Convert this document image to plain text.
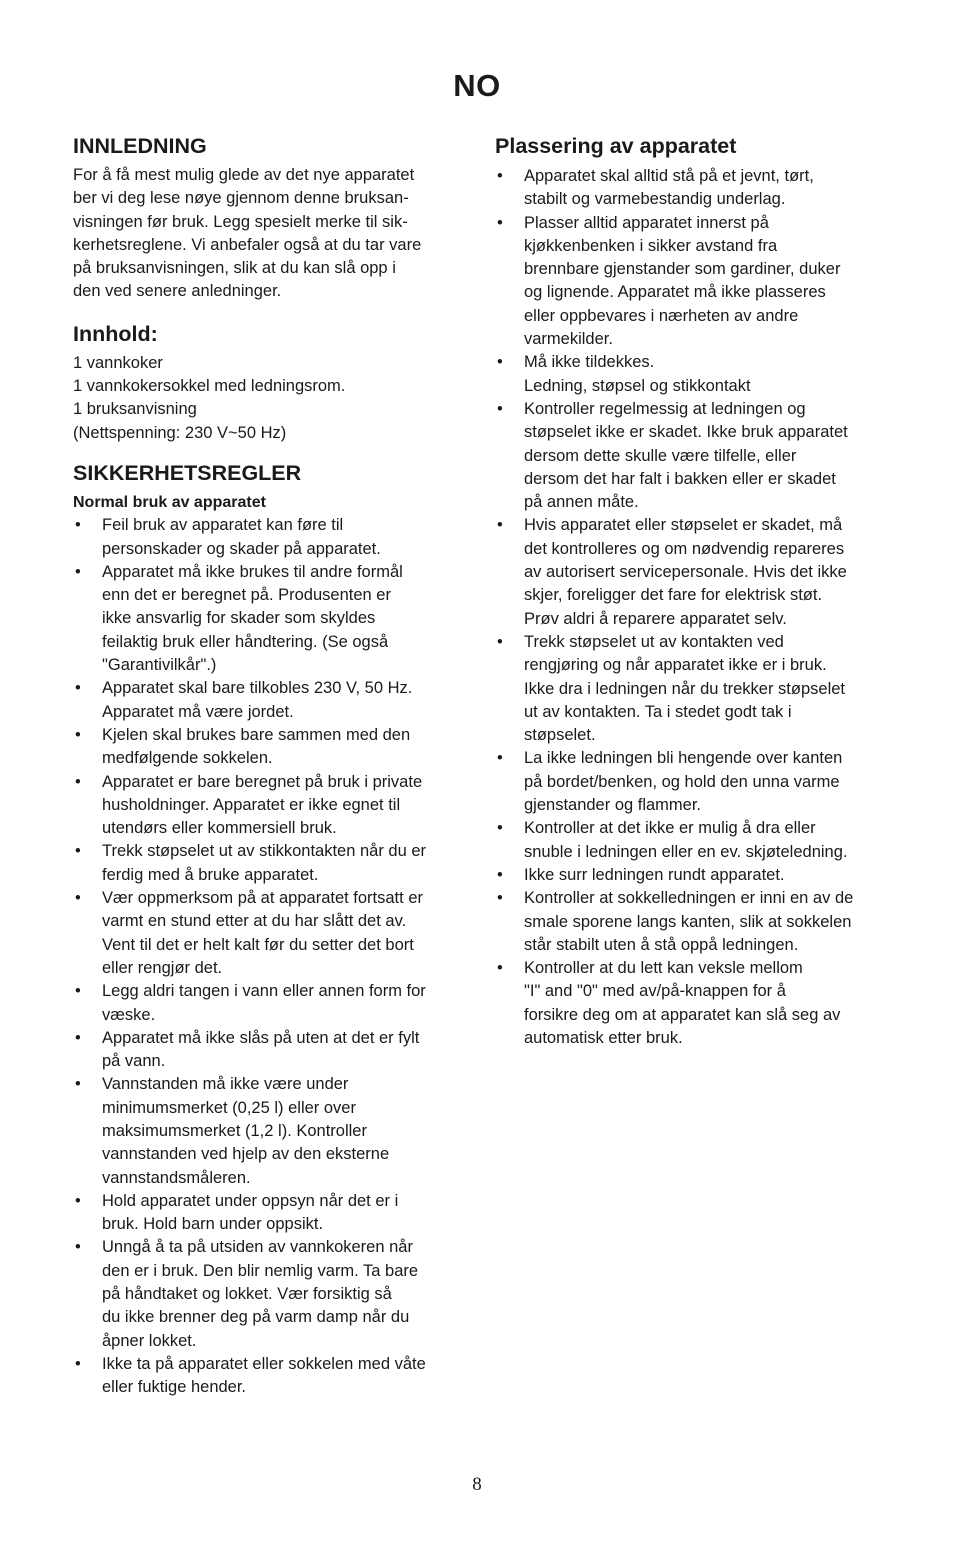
NO
INNLEDNING
For å få mest mulig glede av det nye apparatet
ber vi deg lese nøye gjennom denne bruksan-
visningen før bruk. Legg spesielt merke til sik-
kerhetsreglene. Vi anbefaler også at du tar vare
på bruksanvisningen, slik at du kan slå opp i
den ved senere anledninger.
Innhold:
1 vannkoker
1 vannkokersokkel med ledningsrom.
1 bruksanvisning
(Nettspenning: 230 V~50 Hz)
SIKKERHETSREGLER
Normal bruk av apparatet
• Feil bruk av apparatet kan føre til
personskader og skader på apparatet.
• Apparatet må ikke brukes til andre formål
enn det er beregnet på. Produsenten er
ikke ansvarlig for skader som skyldes
feilaktig bruk eller håndtering. (Se også
"Garantivilkår".)
• Apparatet skal bare tilkobles 230 V, 50 Hz.
Apparatet må være jordet.
• Kjelen skal brukes bare sammen med den
medfølgende sokkelen.
• Apparatet er bare beregnet på bruk i private
husholdninger. Apparatet er ikke egnet til
utendørs eller kommersiell bruk.
• Trekk støpselet ut av stikkontakten når du er
ferdig med å bruke apparatet.
• Vær oppmerksom på at apparatet fortsatt er
varmt en stund etter at du har slått det av.
Vent til det er helt kalt før du setter det bort
eller rengjør det.
• Legg aldri tangen i vann eller annen form for
væske.
• Apparatet må ikke slås på uten at det er fylt
på vann.
• Vannstanden må ikke være under
minimumsmerket (0,25 l) eller over
maksimumsmerket (1,2 l). Kontroller
vannstanden ved hjelp av den eksterne
vannstandsmåleren.
• Hold apparatet under oppsyn når det er i
bruk. Hold barn under oppsikt.
• Unngå å ta på utsiden av vannkokeren når
den er i bruk. Den blir nemlig varm. Ta bare
på håndtaket og lokket. Vær forsiktig så
du ikke brenner deg på varm damp når du
åpner lokket.
• Ikke ta på apparatet eller sokkelen med våte
eller fuktige hender.
Plassering av apparatet
• Apparatet skal alltid stå på et jevnt, tørt,
stabilt og varmebestandig underlag.
• Plasser alltid apparatet innerst på
kjøkkenbenken i sikker avstand fra
brennbare gjenstander som gardiner, duker
og lignende. Apparatet må ikke plasseres
eller oppbevares i nærheten av andre
varmekilder.
• Må ikke tildekkes.
Ledning, støpsel og stikkontakt
• Kontroller regelmessig at ledningen og
støpselet ikke er skadet. Ikke bruk apparatet
dersom dette skulle være tilfelle, eller
dersom det har falt i bakken eller er skadet
på annen måte.
• Hvis apparatet eller støpselet er skadet, må
det kontrolleres og om nødvendig repareres
av autorisert servicepersonale. Hvis det ikke
skjer, foreligger det fare for elektrisk støt.
Prøv aldri å reparere apparatet selv.
• Trekk støpselet ut av kontakten ved
rengjøring og når apparatet ikke er i bruk.
Ikke dra i ledningen når du trekker støpselet
ut av kontakten. Ta i stedet godt tak i
støpselet.
• La ikke ledningen bli hengende over kanten
på bordet/benken, og hold den unna varme
gjenstander og flammer.
• Kontroller at det ikke er mulig å dra eller
snuble i ledningen eller en ev. skjøteledning.
• Ikke surr ledningen rundt apparatet.
• Kontroller at sokkelledningen er inni en av de
smale sporene langs kanten, slik at sokkelen
står stabilt uten å stå oppå ledningen.
• Kontroller at du lett kan veksle mellom
"I" and "0" med av/på-knappen for å
forsikre deg om at apparatet kan slå seg av
automatisk etter bruk.
8
